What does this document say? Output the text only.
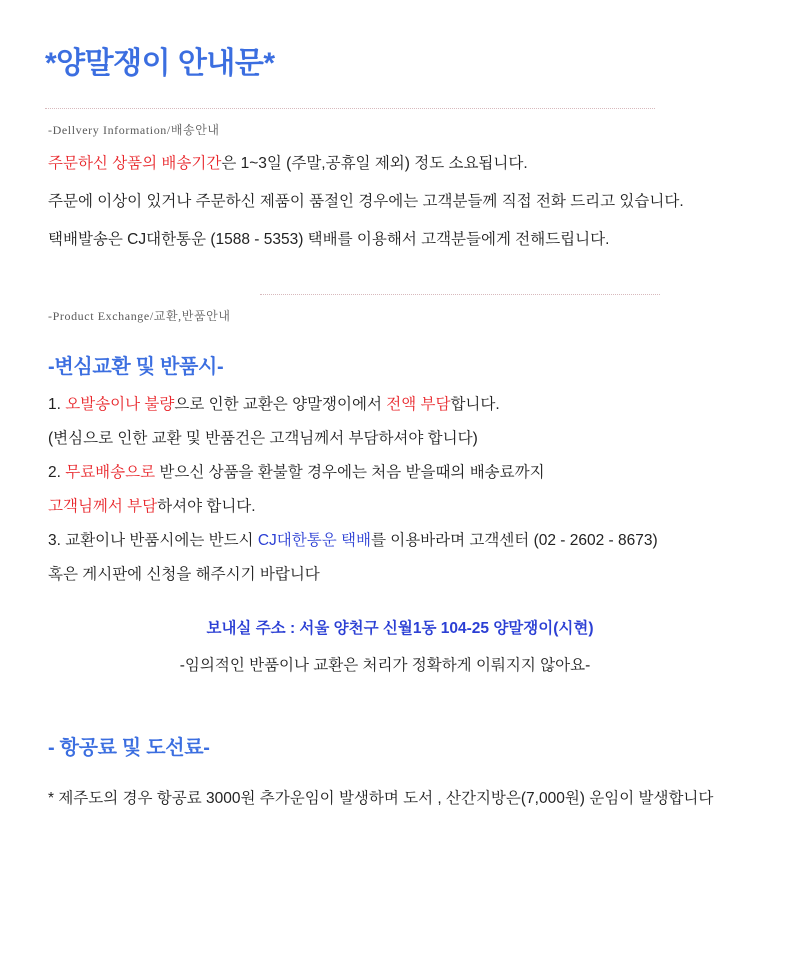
*양말쟁이 안내문*
-Dellvery Information/배송안내
주문하신 상품의 배송기간은 1~3일 (주말,공휴일 제외) 정도 소요됩니다.
주문에 이상이 있거나 주문하신 제품이 품절인 경우에는 고객분들께 직접 전화 드리고 있습니다.
택배발송은 CJ대한통운 (1588 - 5353) 택배를 이용해서 고객분들에게 전해드립니다.
-Product Exchange/교환,반품안내
-변심교환 및 반품시-
1. 오발송이나 불량으로 인한 교환은 양말쟁이에서 전액 부담합니다.
(변심으로 인한 교환 및 반품건은 고객님께서 부담하셔야 합니다)
2. 무료배송으로 받으신 상품을 환불할 경우에는 처음 받을때의 배송료까지
고객님께서 부담하셔야 합니다.
3. 교환이나 반품시에는 반드시 CJ대한통운 택배를 이용바라며 고객센터 (02 - 2602 - 8673)
혹은 게시판에 신청을 해주시기 바랍니다
보내실 주소 : 서울 양천구 신월1동 104-25 양말쟁이(시현)
-임의적인 반품이나 교환은 처리가 정확하게 이뤄지지 않아요-
- 항공료 및 도선료-
* 제주도의 경우 항공료 3000원 추가운임이 발생하며 도서 , 산간지방은(7,000원) 운임이 발생합니다
